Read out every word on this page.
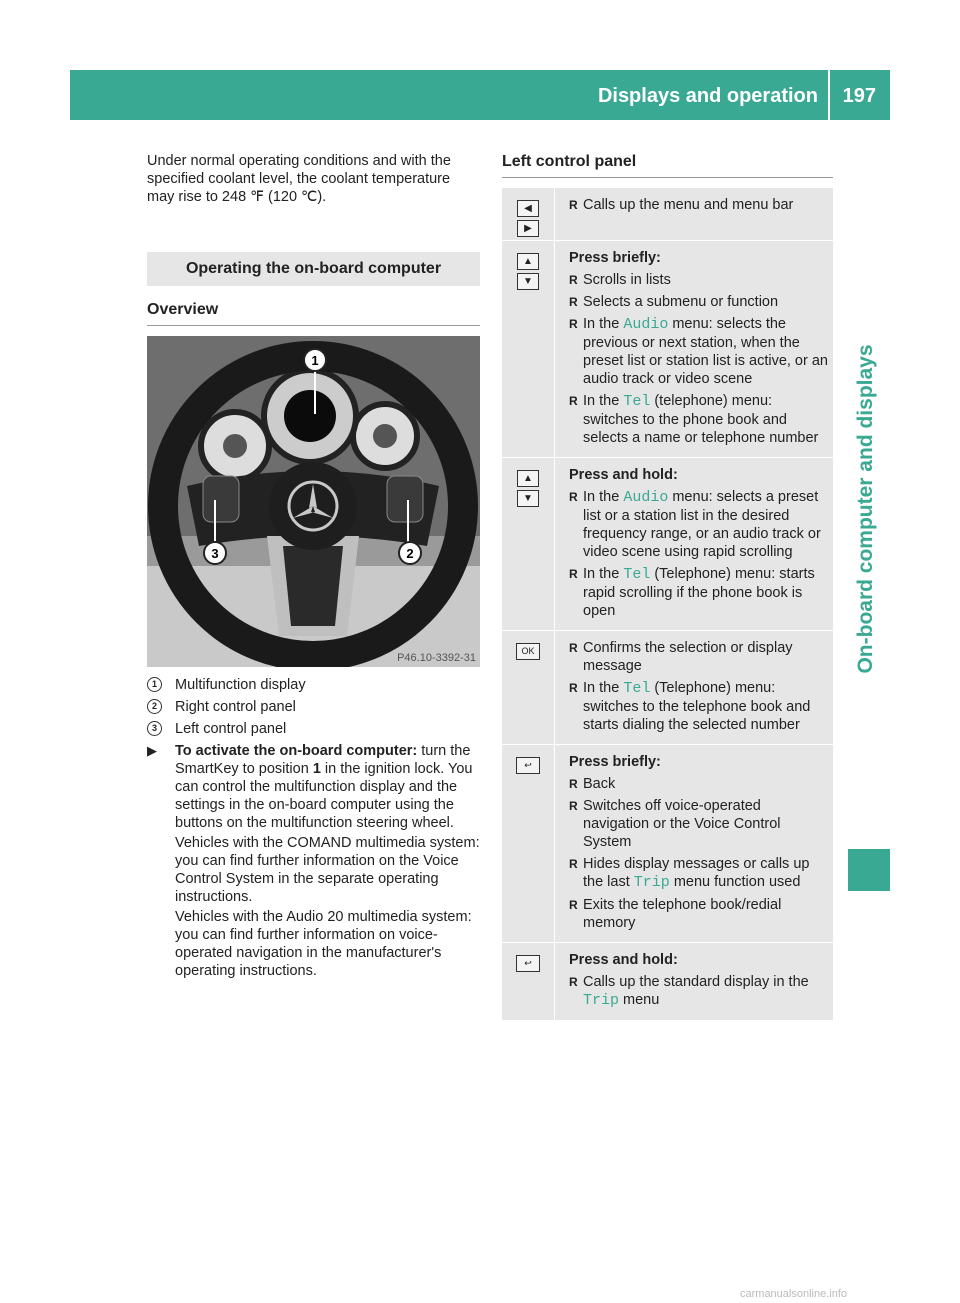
Displays and operation 197
On-board computer and displays

Under normal operating conditions and with the specified coolant level, the coolant temperature may rise to 248 ℉ (120 ℃).

Operating the on-board computer
Overview
1
2
3
P46.10-3392-31
1	Multifunction display
2	Right control panel
3	Left control panel
▶ To activate the on-board computer: turn the SmartKey to position 1 in the ignition lock. You can control the multifunction display and the settings in the on-board computer using the buttons on the multifunction steering wheel.

Vehicles with the COMAND multimedia system: you can find further information on the Voice Control System in the separate operating instructions.

Vehicles with the Audio 20 multimedia system: you can find further information on voice-operated navigation in the manufacturer's operating instructions.

Left control panel
◀
▶
R Calls up the menu and menu bar
▲
▼
Press briefly:
R Scrolls in lists
R Selects a submenu or function
R In the Audio menu: selects the previous or next station, when the preset list or station list is active, or an audio track or video scene
R In the Tel (telephone) menu: switches to the phone book and selects a name or telephone number
▲
▼
Press and hold:
R In the Audio menu: selects a preset list or a station list in the desired frequency range, or an audio track or video scene using rapid scrolling
R In the Tel (Telephone) menu: starts rapid scrolling if the phone book is open
OK
R	Confirms the selection or display message
R In the Tel (Telephone) menu: switches to the telephone book and starts dialing the selected number
↩	Press briefly:
R Back
R Switches off voice-operated navigation or the Voice Control System
R Hides display messages or calls up the last Trip menu function used
R Exits the telephone book/redial memory
↩	Press and hold:
R Calls up the standard display in the Trip menu
carmanualsonline.info
